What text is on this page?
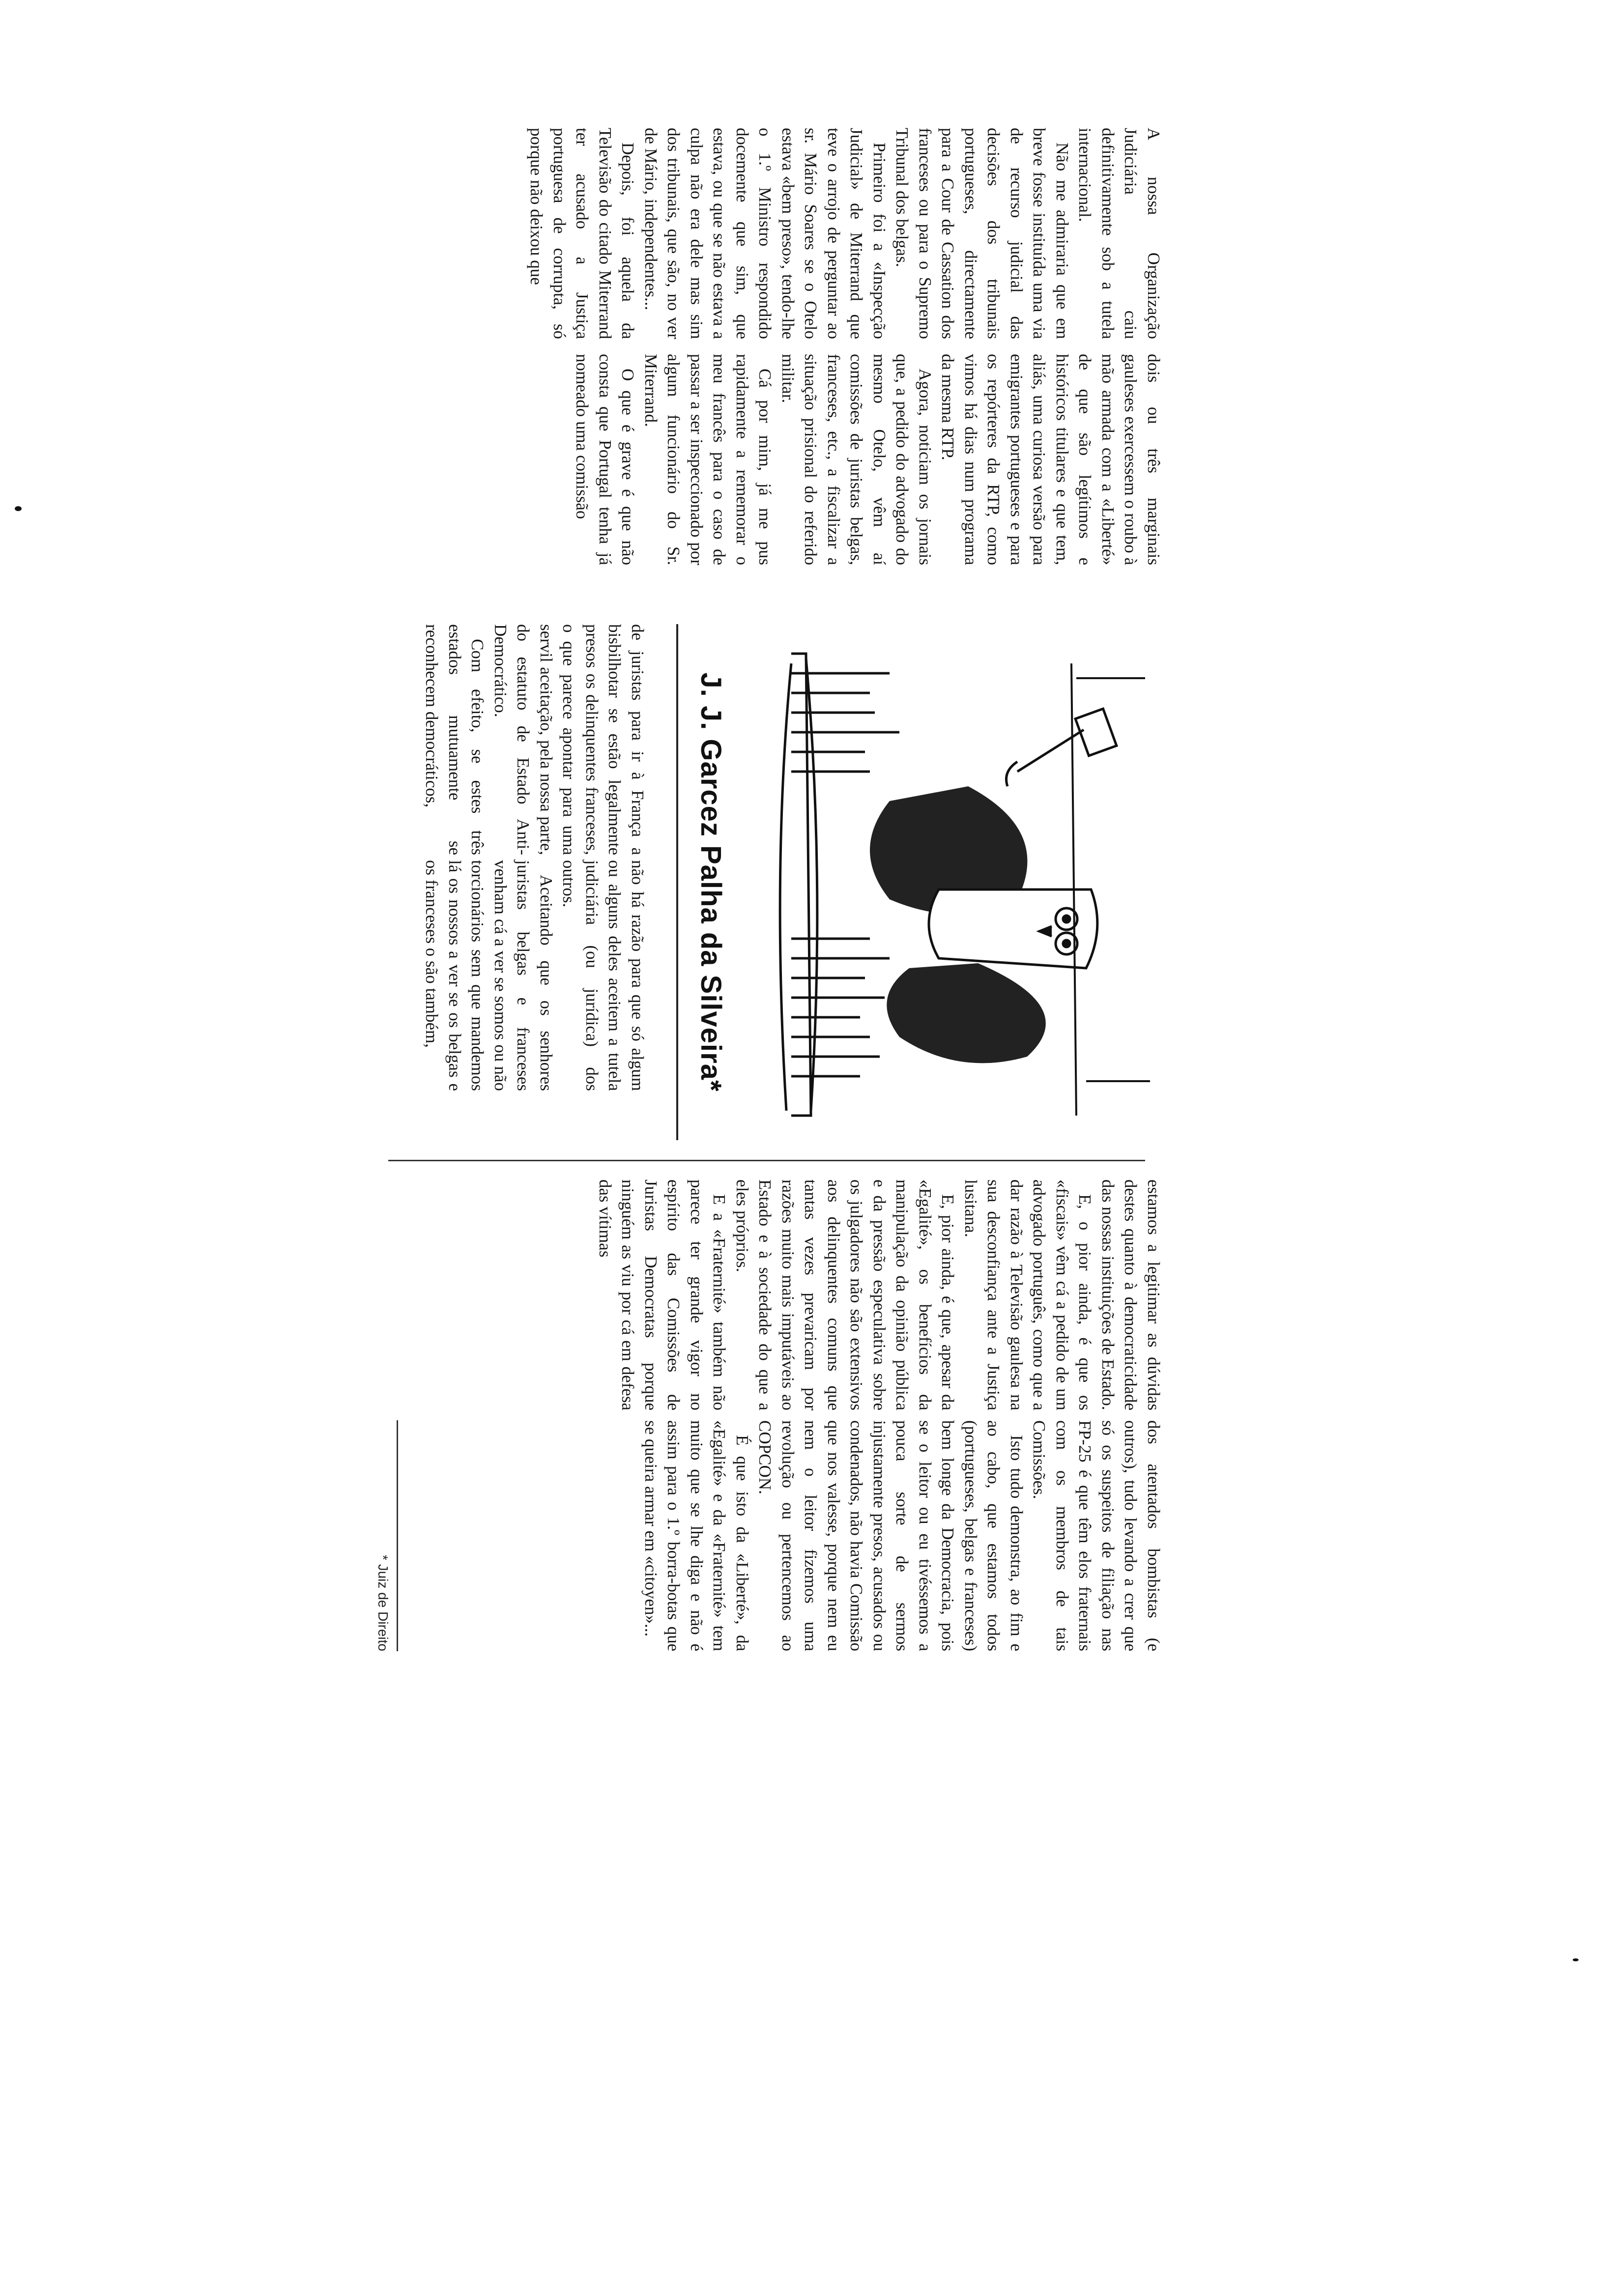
A nossa Organização Judiciária caiu definitivamente sob a tutela internacional.

Não me admiraria que em breve fosse instituída uma via de recurso judicial das decisões dos tribunais portugueses, directamente para a Cour de Cassation dos franceses ou para o Supremo Tribunal dos belgas.

Primeiro foi a «Inspecção Judicial» de Miterrand que teve o arrojo de perguntar ao sr. Mário Soares se o Otelo estava «bem preso», tendo-lhe o 1.º Ministro respondido docemente que sim, que estava, ou que se não estava a culpa não era dele mas sim dos tribunais, que são, no ver de Mário, independentes...

Depois, foi aquela da Televisão do citado Miterrand ter acusado a Justiça portuguesa de corrupta, só porque não deixou que

dois ou três marginais gauleses exercessem o roubo à mão armada com a «Liberté» de que são legítimos e históricos titulares e que tem, aliás, uma curiosa versão para emigrantes portugueses e para os repórteres da RTP, como vimos há dias num programa da mesma RTP.

Agora, noticiam os jornais que, a pedido do advogado do mesmo Otelo, vêm aí comissões de juristas belgas, franceses, etc., a fiscalizar a situação prisional do referido militar.

Cá por mim, já me pus rapidamente a rememorar o meu francês para o caso de passar a ser inspeccionado por algum funcionário do Sr. Miterrand.

O que é grave é que não consta que Portugal tenha já nomeado uma comissão

J. J. Garcez Palha da Silveira*

de juristas para ir à França a bisbilhotar se estão legalmente presos os delinquentes franceses, o que parece apontar para uma servil aceitação, pela nossa parte, do estatuto de Estado Anti-Democrático.

Com efeito, se estes três estados mutuamente se reconhecem democráticos,

não há razão para que só algum ou alguns deles aceitem a tutela judiciária (ou jurídica) dos outros.

Aceitando que os senhores juristas belgas e franceses venham cá a ver se somos ou não torcionários sem que mandemos lá os nossos a ver se os belgas e os franceses o são também,

estamos a legitimar as dúvidas destes quanto à democraticidade das nossas instituições de Estado.

E, o pior ainda, é que os «fiscais» vêm cá a pedido de um advogado português, como que a dar razão à Televisão gaulesa na sua desconfiança ante a Justiça lusitana.

E, pior ainda, é que, apesar da «Egalité», os benefícios da manipulação da opinião pública e da pressão especulativa sobre os julgadores não são extensivos aos delinquentes comuns que tantas vezes prevaricam por razões muito mais imputáveis ao Estado e à sociedade do que a eles próprios.

E a «Fraternité» também não parece ter grande vigor no espírito das Comissões de Juristas Democratas porque ninguém as viu por cá em defesa das vítimas

dos atentados bombistas (e outros), tudo levando a crer que só os suspeitos de filiação nas FP-25 é que têm elos fraternais com os membros de tais Comissões.

Isto tudo demonstra, ao fim e ao cabo, que estamos todos (portugueses, belgas e franceses) bem longe da Democracia, pois se o leitor ou eu tivéssemos a pouca sorte de sermos injustamente presos, acusados ou condenados, não havia Comissão que nos valesse, porque nem eu nem o leitor fizemos uma revolução ou pertencemos ao COPCON.

É que isto da «Liberté», da «Egalité» e da «Fraternité» tem muito que se lhe diga e não é assim para o 1.º borra-botas que se queira armar em «citoyen»...

* Juiz de Direito
